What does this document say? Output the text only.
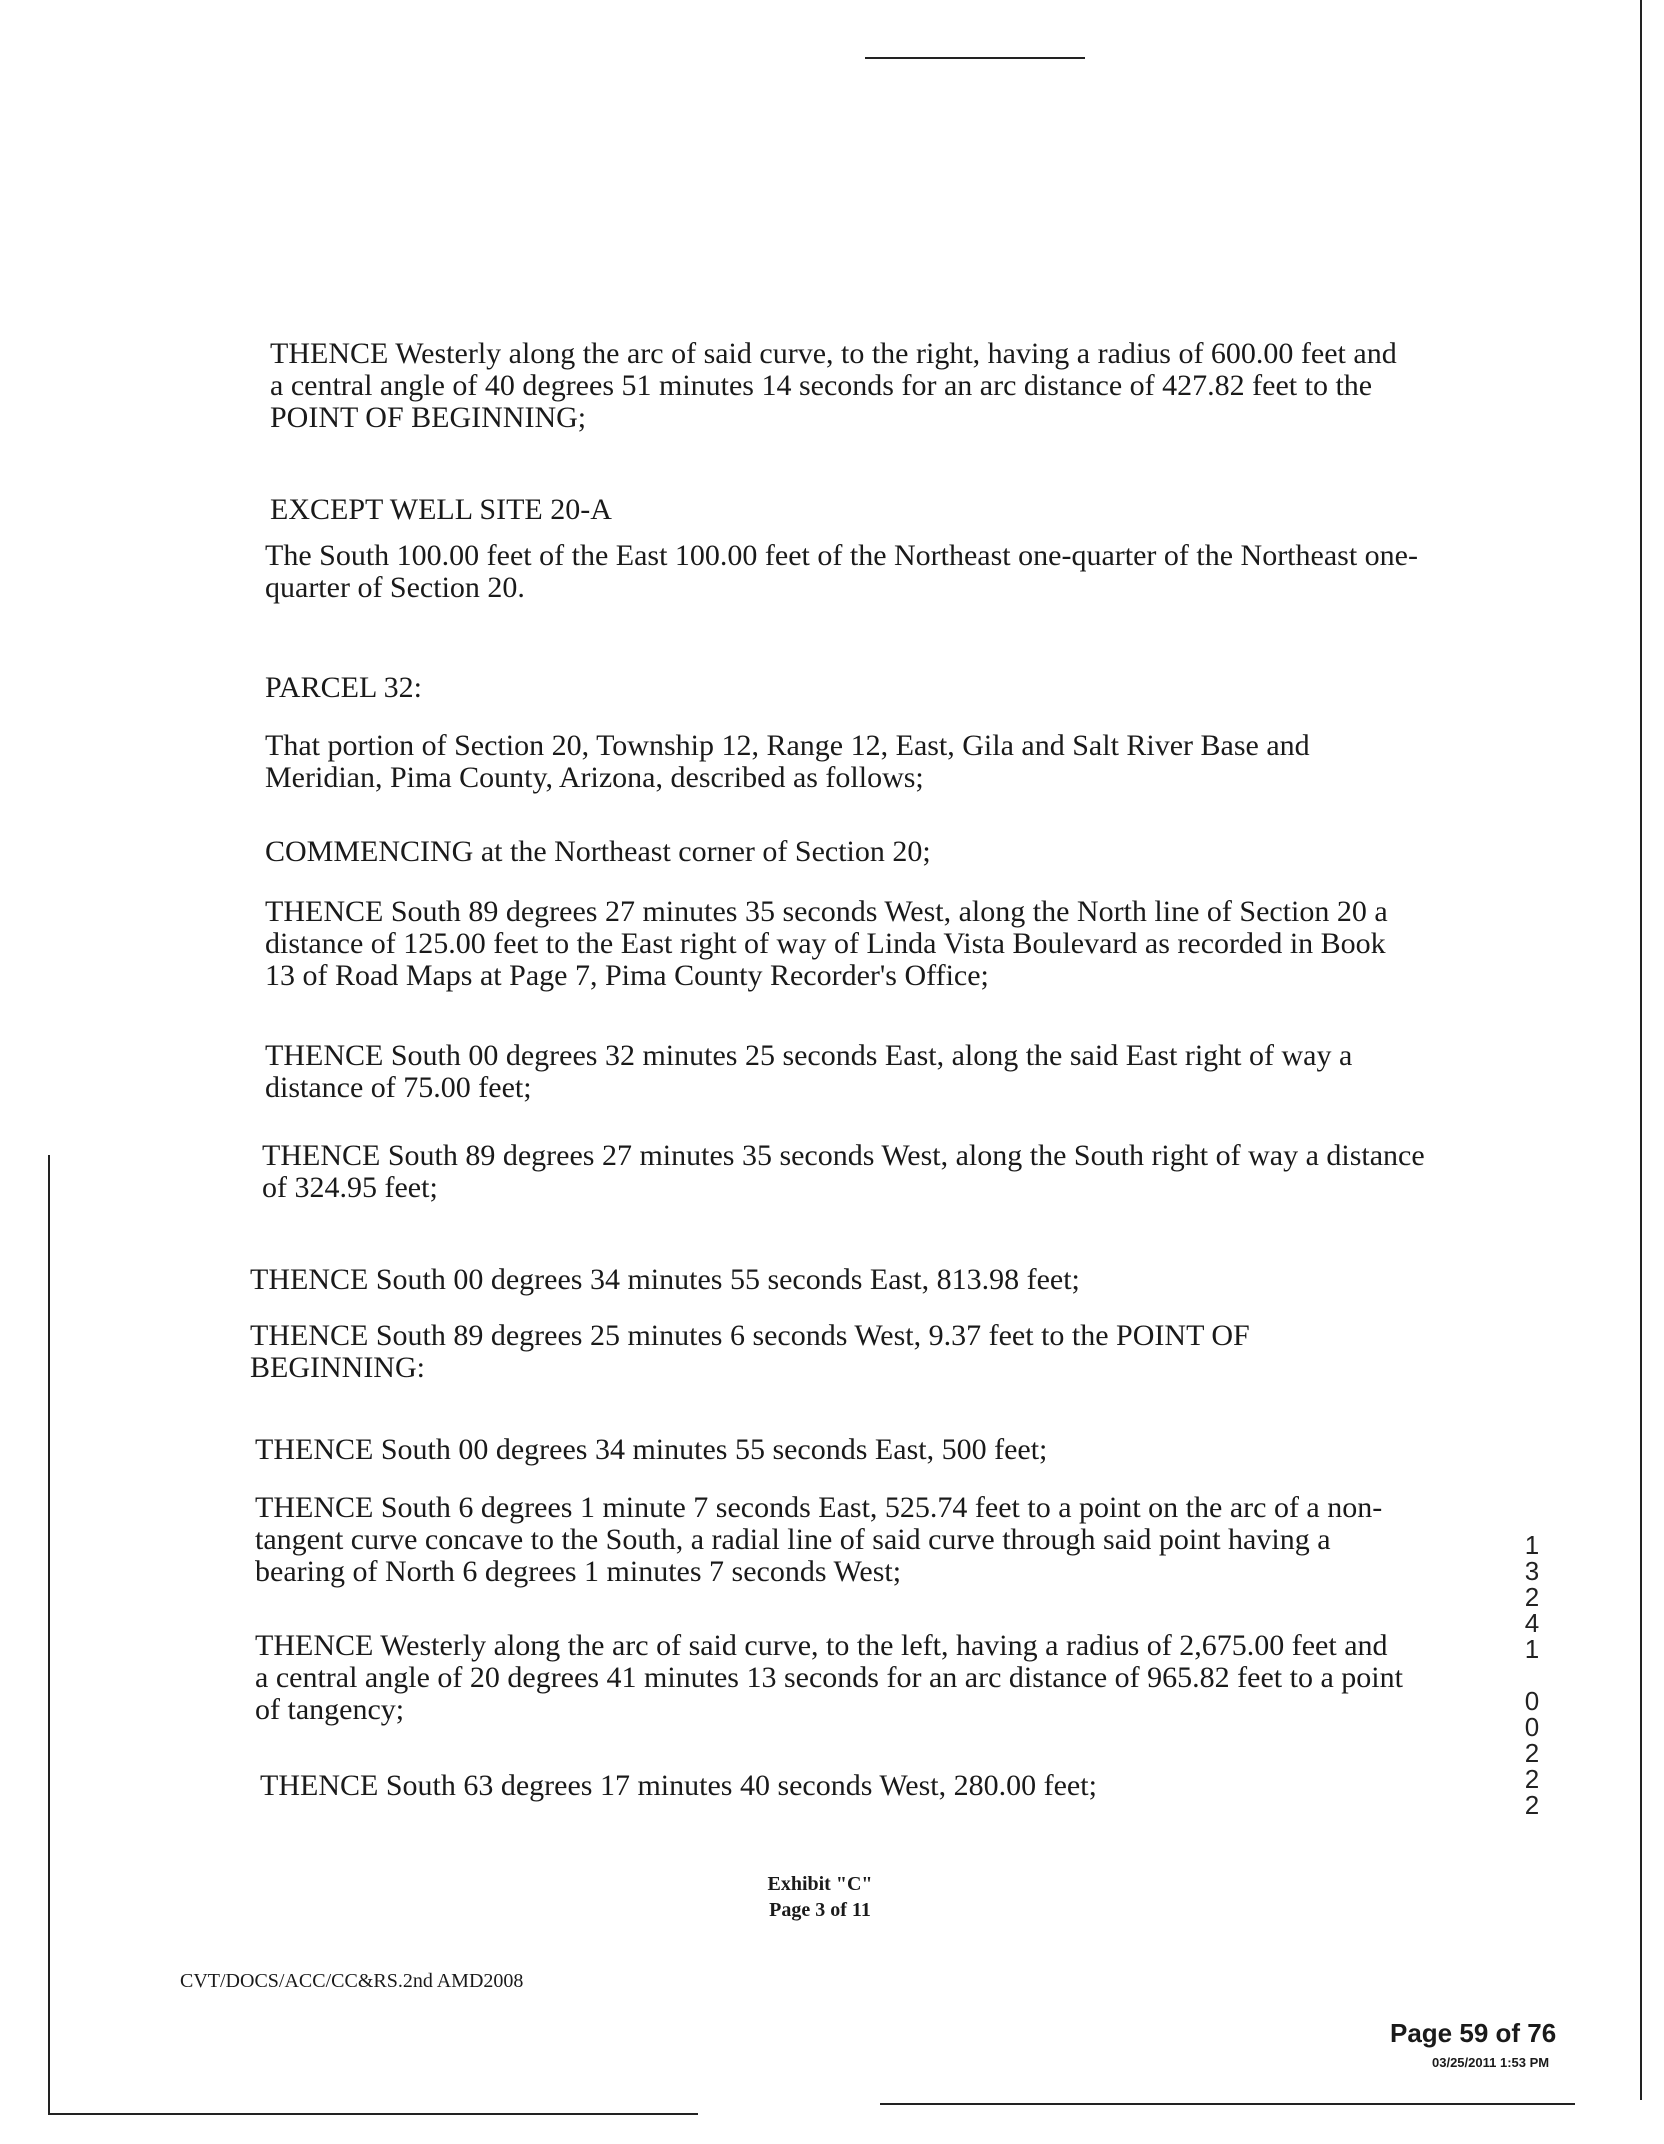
THENCE Westerly along the arc of said curve, to the right, having a radius of 600.00 feet and
a central angle of 40 degrees 51 minutes 14 seconds for an arc distance of 427.82 feet to the
POINT OF BEGINNING;
EXCEPT WELL SITE 20-A
The South 100.00 feet of the East 100.00 feet of the Northeast one-quarter of the Northeast one-
quarter of Section 20.
PARCEL 32:
That portion of Section 20, Township 12, Range 12, East, Gila and Salt River Base and
Meridian, Pima County, Arizona, described as follows;
COMMENCING at the Northeast corner of Section 20;
THENCE South 89 degrees 27 minutes 35 seconds West, along the North line of Section 20 a
distance of 125.00 feet to the East right of way of Linda Vista Boulevard as recorded in Book
13 of Road Maps at Page 7, Pima County Recorder's Office;
THENCE South 00 degrees 32 minutes 25 seconds East, along the said East right of way a
distance of 75.00 feet;
THENCE South 89 degrees 27 minutes 35 seconds West, along the South right of way a distance
of 324.95 feet;
THENCE South 00 degrees 34 minutes 55 seconds East, 813.98 feet;
THENCE South 89 degrees 25 minutes 6 seconds West, 9.37 feet to the POINT OF
BEGINNING:
THENCE South 00 degrees 34 minutes 55 seconds East, 500 feet;
THENCE South 6 degrees 1 minute 7 seconds East, 525.74 feet to a point on the arc of a non-
tangent curve concave to the South, a radial line of said curve through said point having a
bearing of North 6 degrees 1 minutes 7 seconds West;
THENCE Westerly along the arc of said curve, to the left, having a radius of 2,675.00 feet and
a central angle of 20 degrees 41 minutes 13 seconds for an arc distance of 965.82 feet to a point
of tangency;
THENCE South 63 degrees 17 minutes 40 seconds West, 280.00 feet;
Exhibit "C"
Page 3 of 11
CVT/DOCS/ACC/CC&RS.2nd AMD2008
Page 59 of 76
03/25/2011 1:53 PM
1
3
2
4
1

0
0
2
2
2
